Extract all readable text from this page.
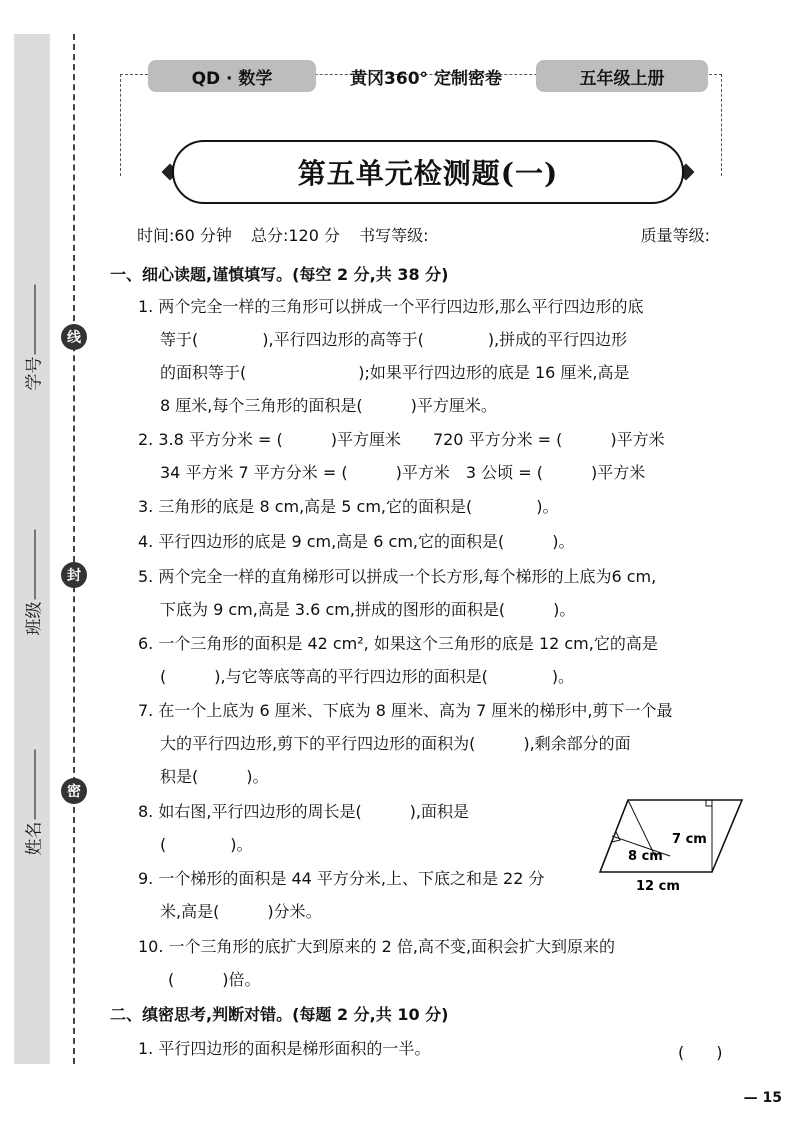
线
封
密
学号
班级
姓名
QD · 数学	黄冈360° 定制密卷	五年级上册
第五单元检测题(一)
时间:60 分钟 总分:120 分 书写等级:	质量等级:
一、细心读题,谨慎填写。(每空 2 分,共 38 分)
1. 两个完全一样的三角形可以拼成一个平行四边形,那么平行四边形的底
等于(　　　　),平行四边形的高等于(　　　　),拼成的平行四边形
的面积等于(　　　　　　　);如果平行四边形的底是 16 厘米,高是
8 厘米,每个三角形的面积是(　　　)平方厘米。
2. 3.8 平方分米 = (　　　)平方厘米　　720 平方分米 = (　　　)平方米
34 平方米 7 平方分米 = (　　　)平方米　3 公顷 = (　　　)平方米
3. 三角形的底是 8 cm,高是 5 cm,它的面积是(　　　　)。
4. 平行四边形的底是 9 cm,高是 6 cm,它的面积是(　　　)。
5. 两个完全一样的直角梯形可以拼成一个长方形,每个梯形的上底为6 cm,
下底为 9 cm,高是 3.6 cm,拼成的图形的面积是(　　　)。
6. 一个三角形的面积是 42 cm², 如果这个三角形的底是 12 cm,它的高是
(　　　),与它等底等高的平行四边形的面积是(　　　　)。
7. 在一个上底为 6 厘米、下底为 8 厘米、高为 7 厘米的梯形中,剪下一个最
大的平行四边形,剪下的平行四边形的面积为(　　　),剩余部分的面
积是(　　　)。
8. 如右图,平行四边形的周长是(　　　),面积是
(　　　　)。
9. 一个梯形的面积是 44 平方分米,上、下底之和是 22 分
米,高是(　　　)分米。
10. 一个三角形的底扩大到原来的 2 倍,高不变,面积会扩大到原来的
(　　　)倍。
7 cm
8 cm
12 cm
二、缜密思考,判断对错。(每题 2 分,共 10 分)
1. 平行四边形的面积是梯形面积的一半。	(　　)
— 15
